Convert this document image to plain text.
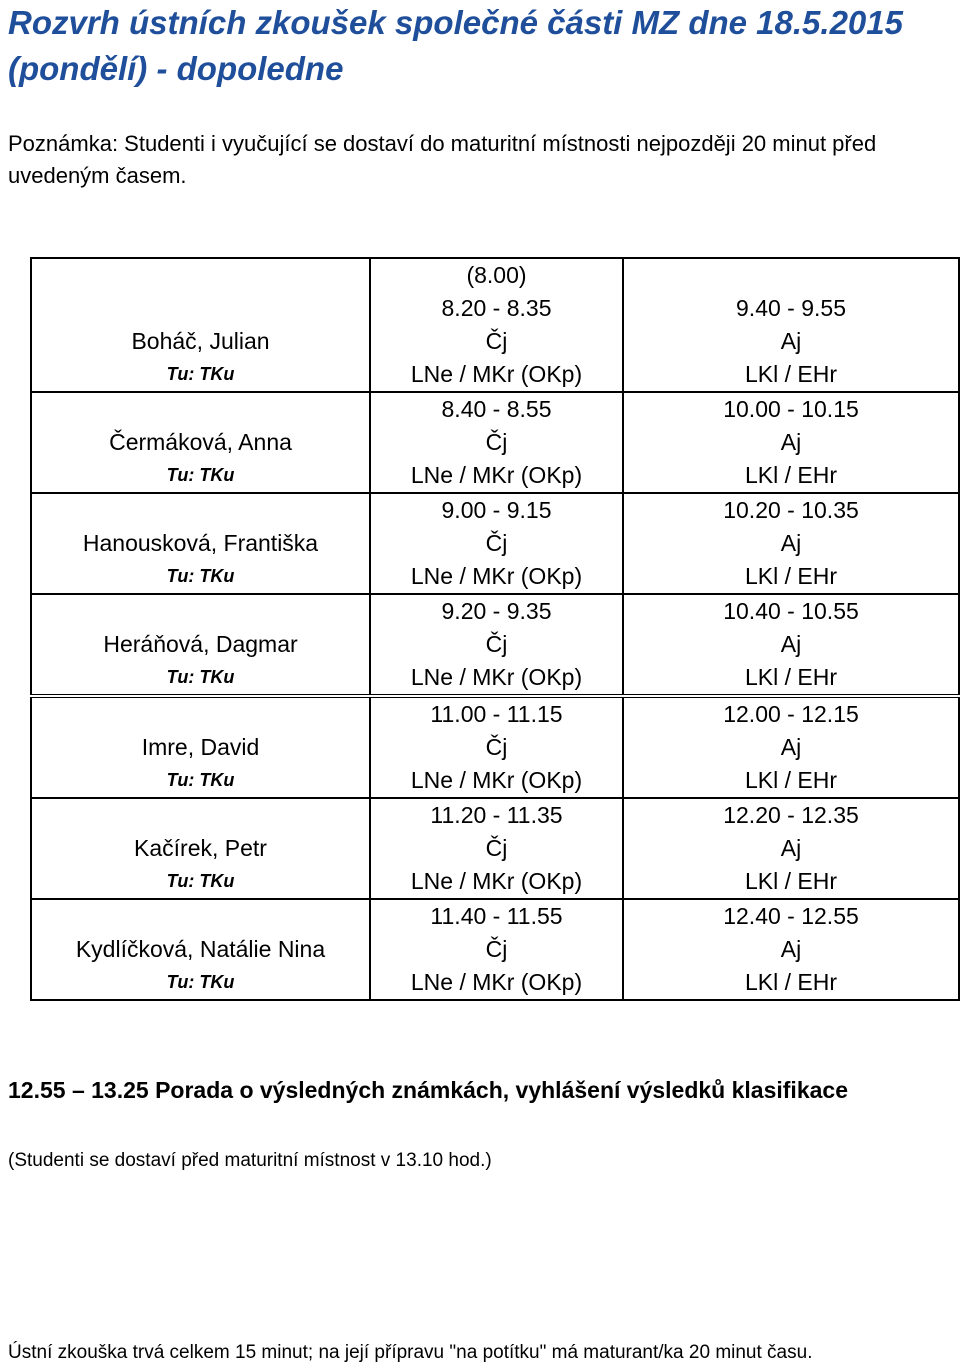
Rozvrh ústních zkoušek společné části MZ dne 18.5.2015 (pondělí) - dopoledne
Poznámka: Studenti i vyučující se dostaví do maturitní místnosti nejpozději 20 minut před uvedeným časem.
	(8.00)	
	8.20 - 8.35	9.40 - 9.55
Boháč, Julian	Čj	Aj
Tu: TKu	LNe / MKr (OKp)	LKl / EHr
	8.40 - 8.55	10.00 - 10.15
Čermáková, Anna	Čj	Aj
Tu: TKu	LNe / MKr (OKp)	LKl / EHr
	9.00 - 9.15	10.20 - 10.35
Hanousková, Františka	Čj	Aj
Tu: TKu	LNe / MKr (OKp)	LKl / EHr
	9.20 - 9.35	10.40 - 10.55
Heráňová, Dagmar	Čj	Aj
Tu: TKu	LNe / MKr (OKp)	LKl / EHr
	11.00 - 11.15	12.00 - 12.15
Imre, David	Čj	Aj
Tu: TKu	LNe / MKr (OKp)	LKl / EHr
	11.20 - 11.35	12.20 - 12.35
Kačírek, Petr	Čj	Aj
Tu: TKu	LNe / MKr (OKp)	LKl / EHr
	11.40 - 11.55	12.40 - 12.55
Kydlíčková, Natálie Nina	Čj	Aj
Tu: TKu	LNe / MKr (OKp)	LKl / EHr
12.55 – 13.25 Porada o výsledných známkách, vyhlášení výsledků klasifikace
(Studenti se dostaví před maturitní místnost v 13.10 hod.)
Ústní zkouška trvá celkem 15 minut; na její přípravu "na potítku" má maturant/ka 20 minut času.
